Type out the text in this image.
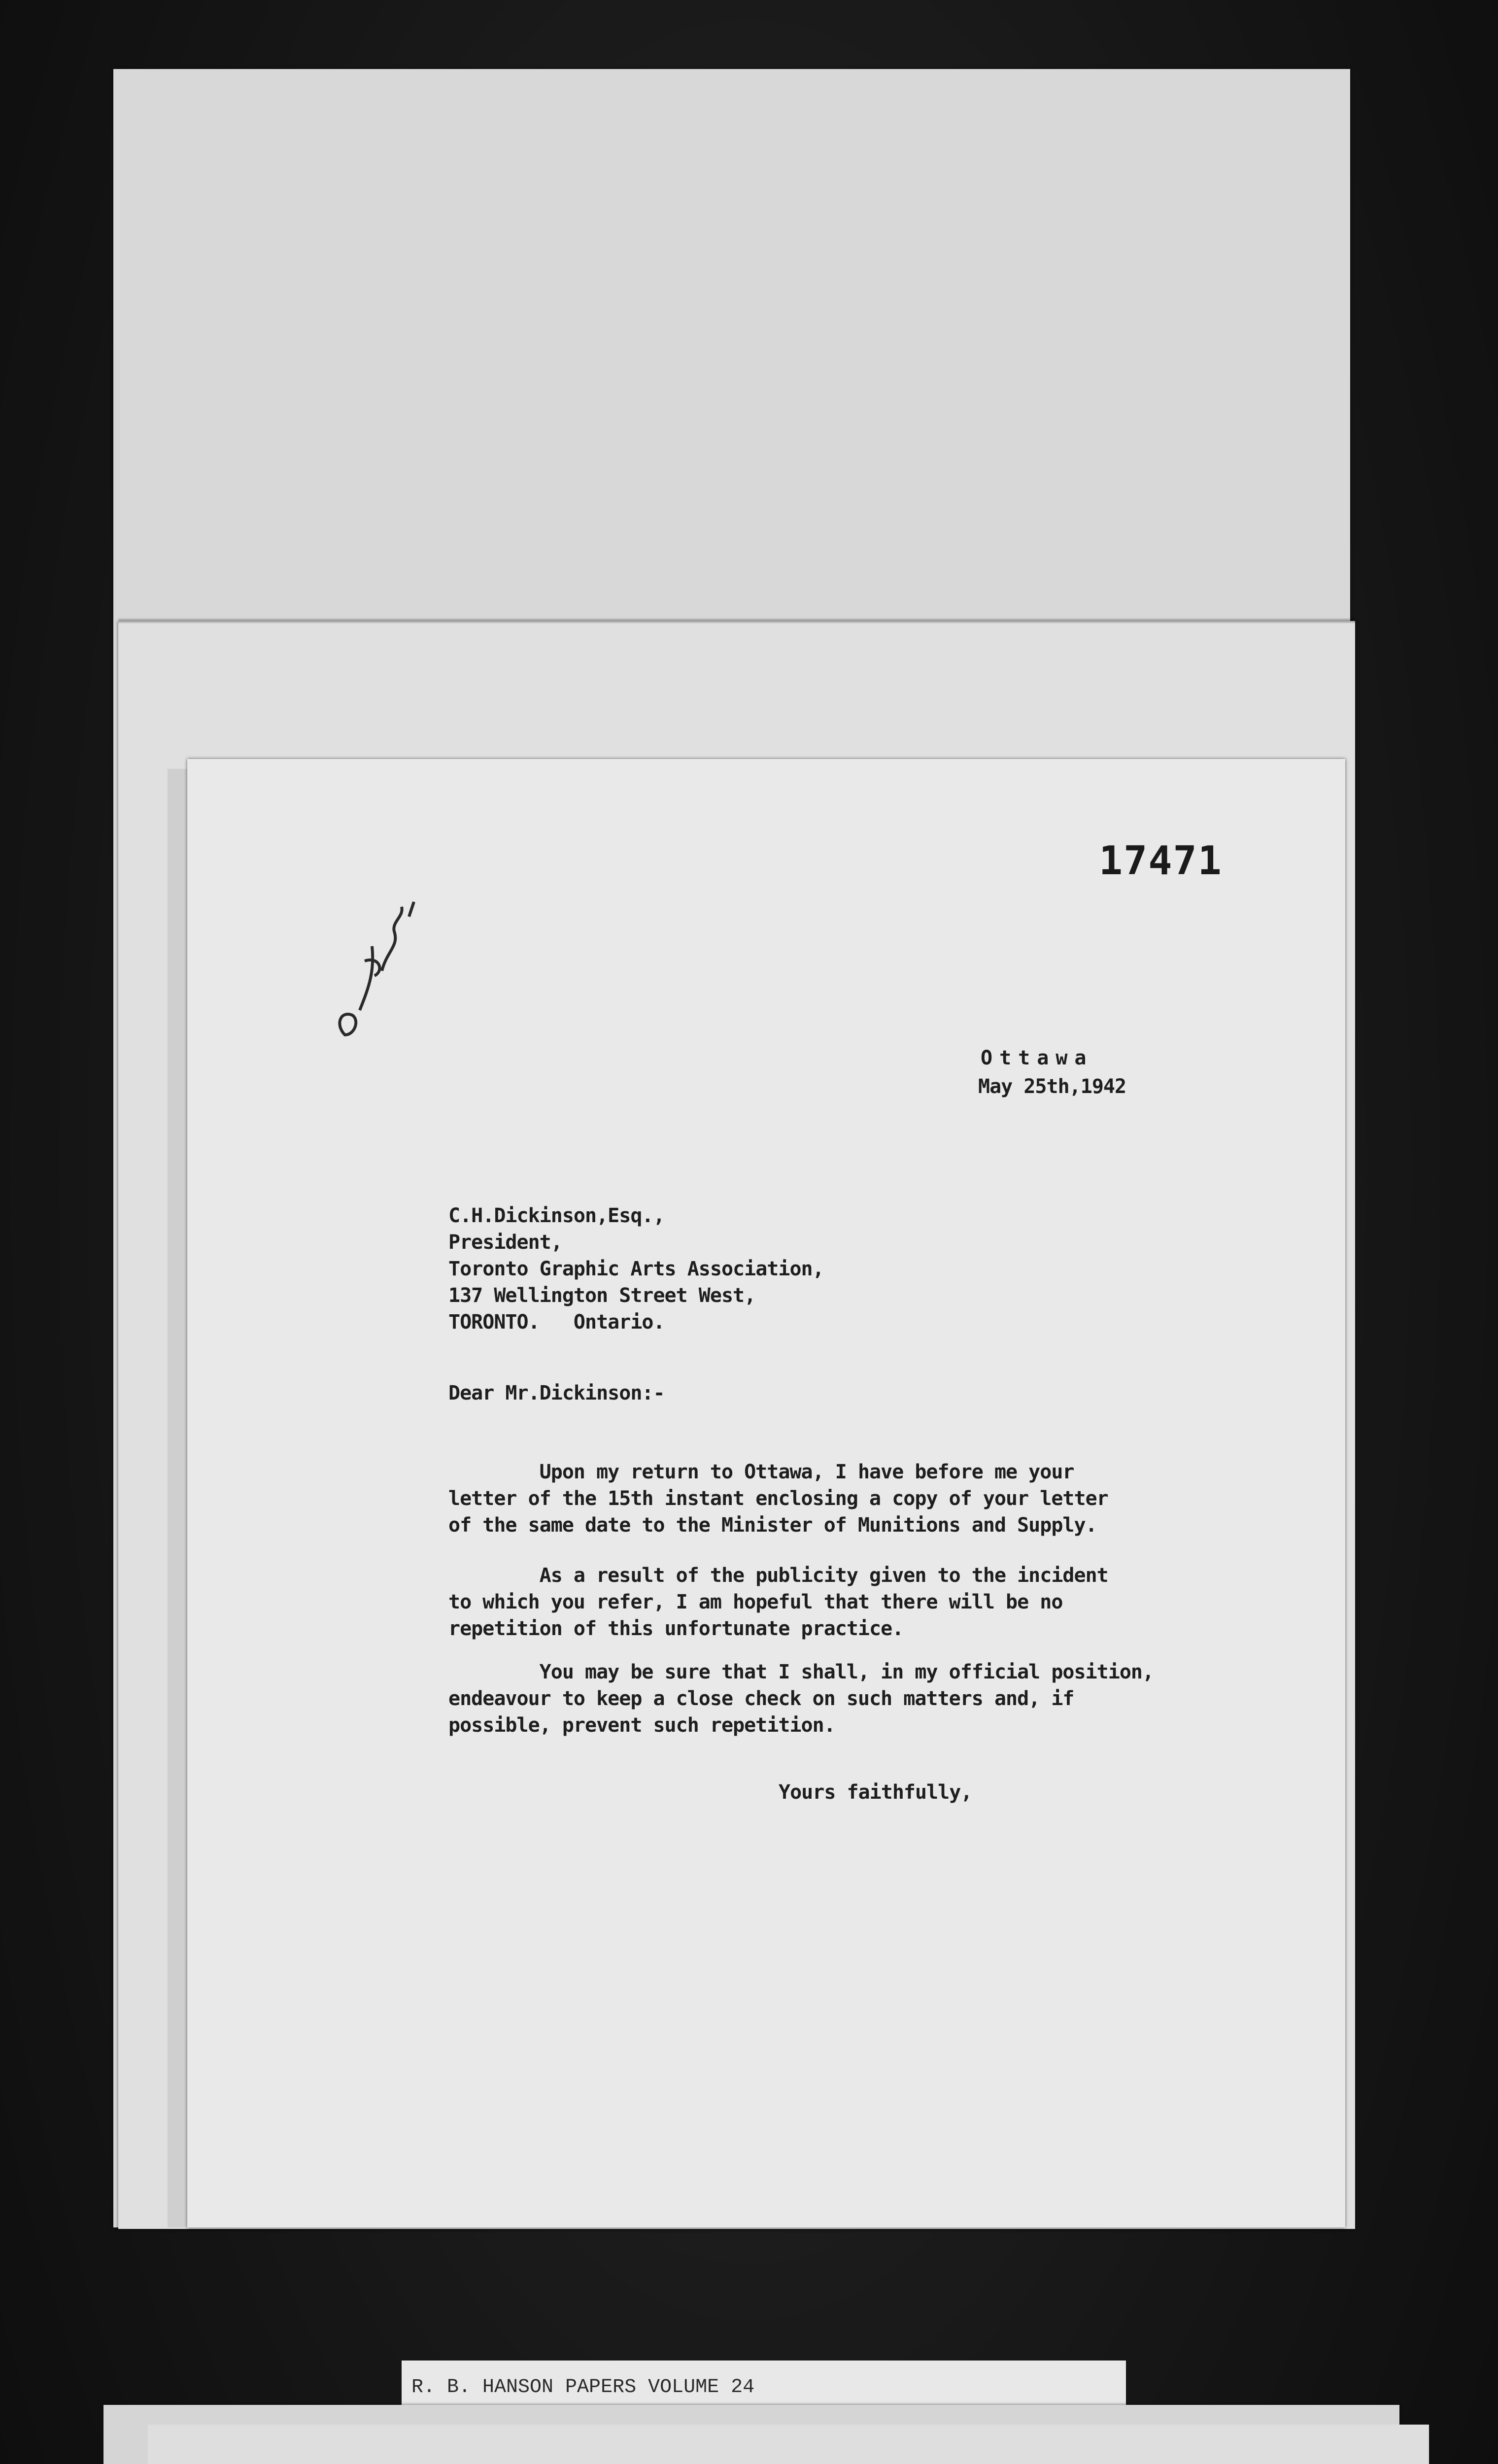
17471
Ottawa
May 25th,1942
C.H.Dickinson,Esq.,
President,
Toronto Graphic Arts Association,
137 Wellington Street West,
TORONTO.   Ontario.
Dear Mr.Dickinson:-
Upon my return to Ottawa, I have before me your
letter of the 15th instant enclosing a copy of your letter
of the same date to the Minister of Munitions and Supply.
As a result of the publicity given to the incident
to which you refer, I am hopeful that there will be no
repetition of this unfortunate practice.
You may be sure that I shall, in my official position,
endeavour to keep a close check on such matters and, if
possible, prevent such repetition.
Yours faithfully,
R. B. HANSON PAPERS VOLUME 24
